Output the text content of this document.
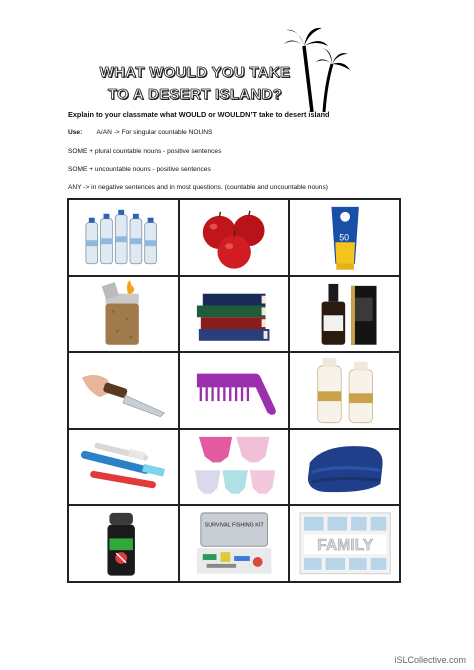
WHAT WOULD YOU TAKE
TO A DESERT ISLAND?
Explain to your classmate what WOULD or WOULDN’T take to desert island
Use: A/AN -> For singular countable NOUNS
SOME + plural countable nouns - positive sentences
SOME + uncountable nouns - positive sentences
ANY -> in negative sentences and in most questions. (countable and uncountable nouns)
50
SURVIVAL FISHING KIT
FAMILY
iSLCollective.com
